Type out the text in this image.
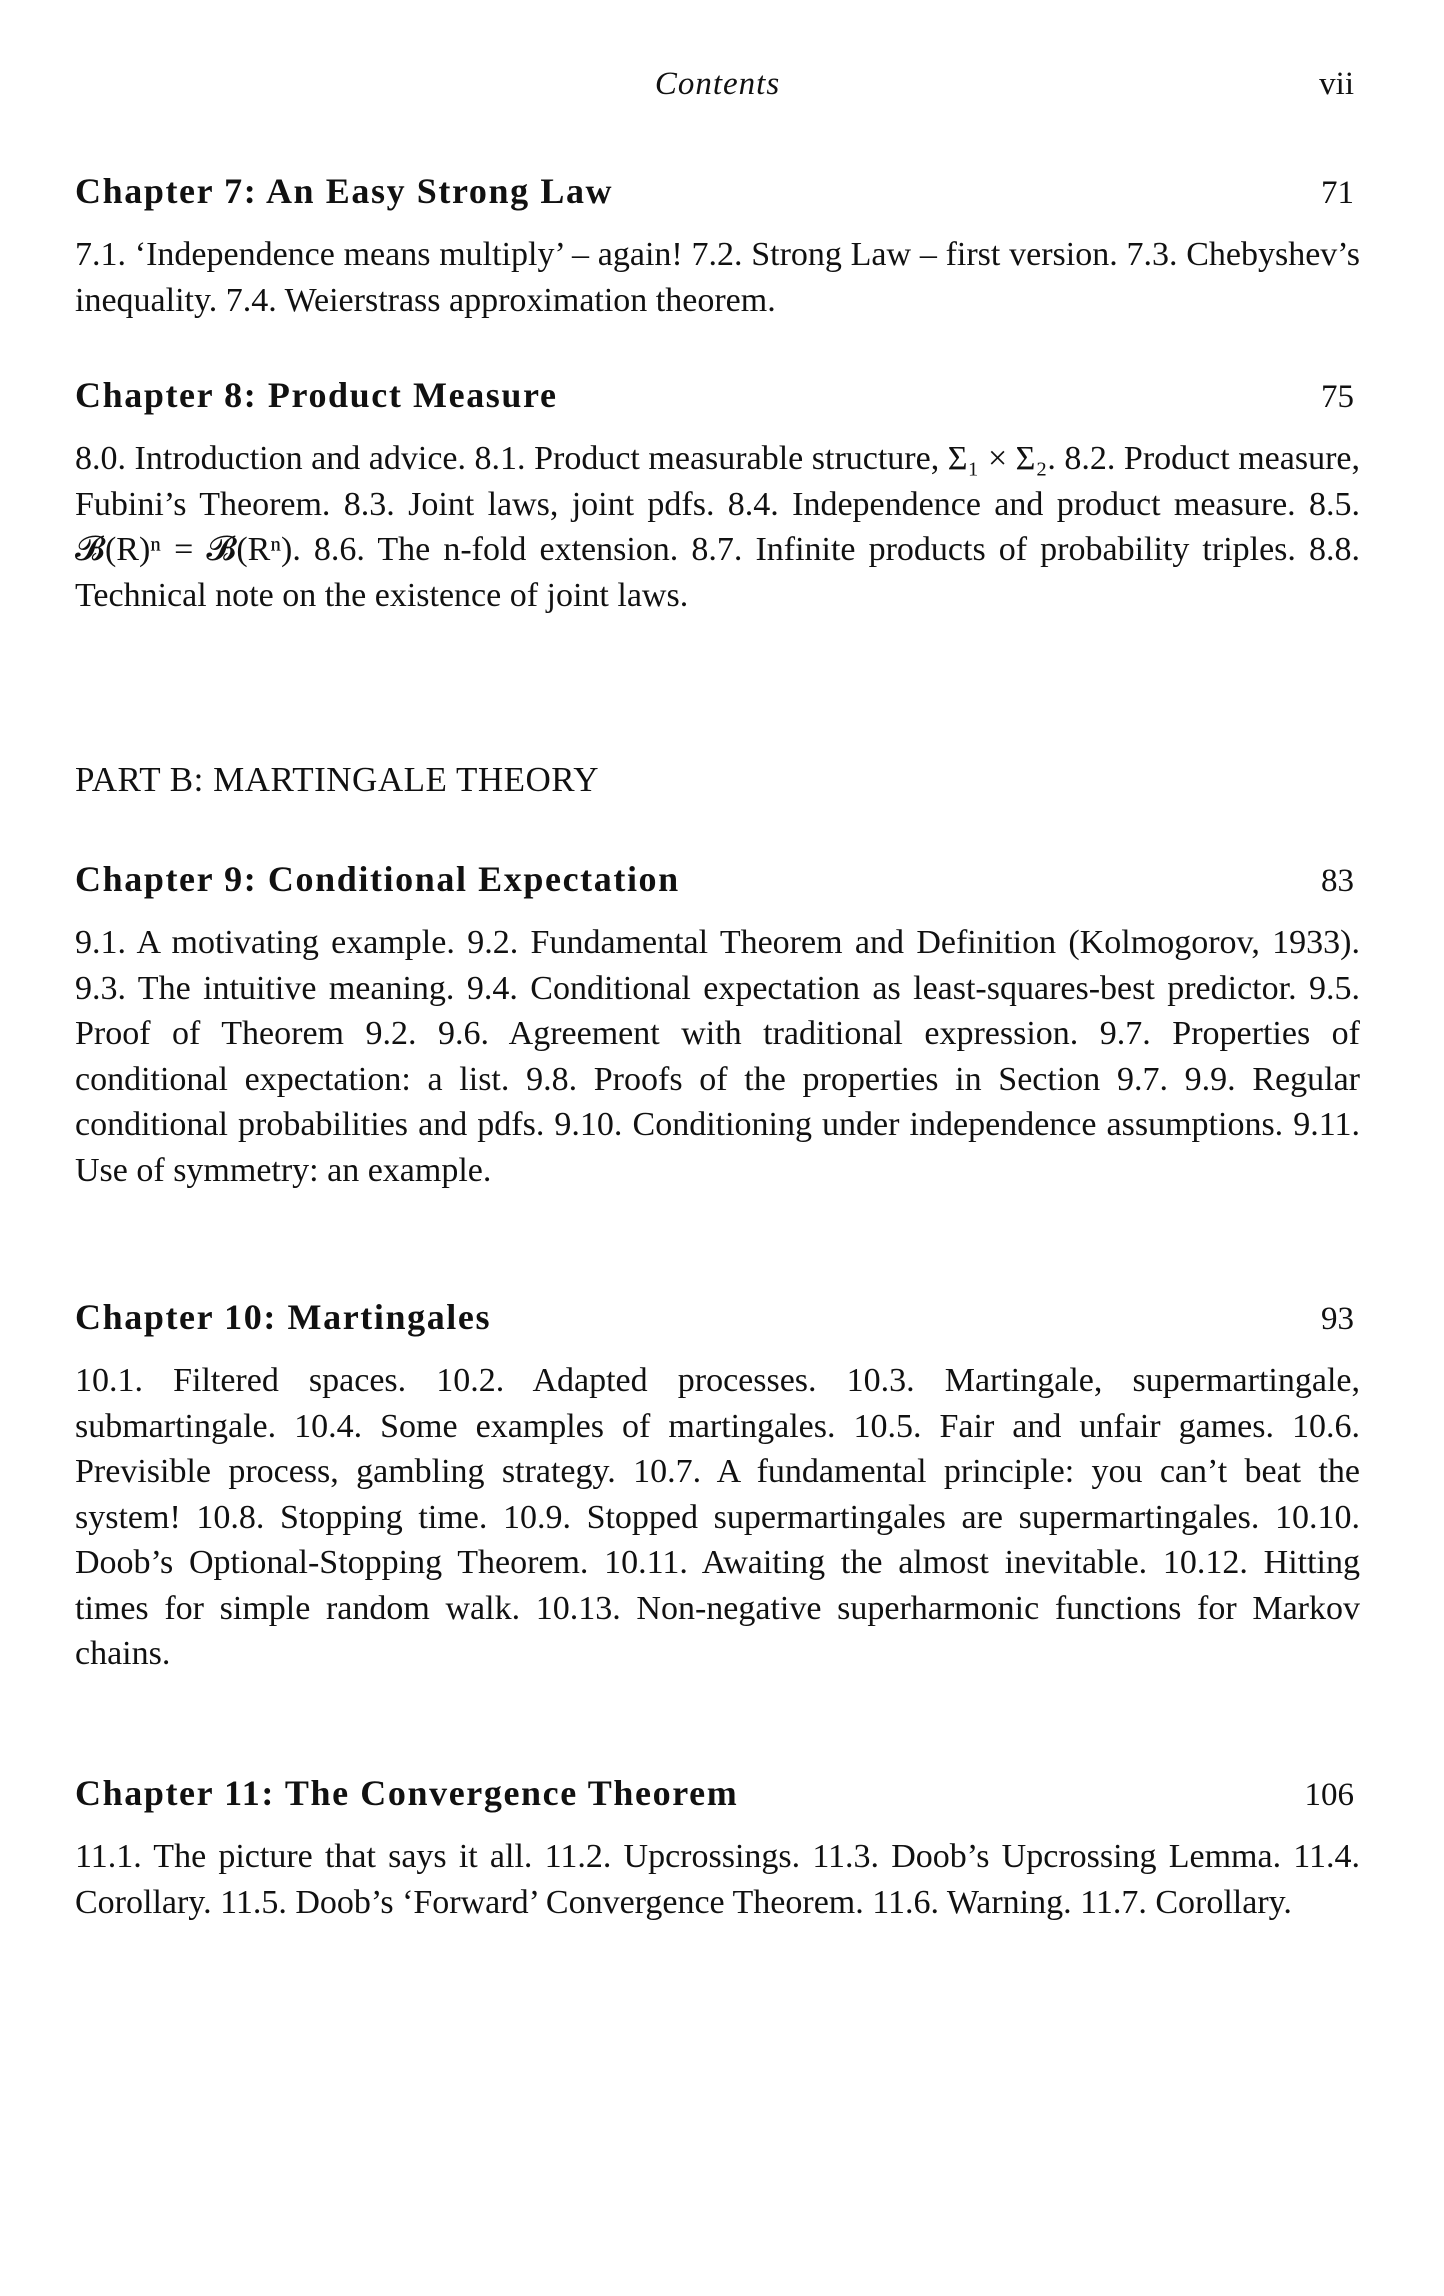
Contents	vii
Chapter 7: An Easy Strong Law	71
7.1. ‘Independence means multiply’ – again! 7.2. Strong Law – first version. 7.3. Chebyshev’s inequality. 7.4. Weierstrass approximation theorem.
Chapter 8: Product Measure	75
8.0. Introduction and advice. 8.1. Product measurable structure, Σ₁ × Σ₂. 8.2. Product measure, Fubini’s Theorem. 8.3. Joint laws, joint pdfs. 8.4. Independence and product measure. 8.5. 𝓑(R)ⁿ = 𝓑(Rⁿ). 8.6. The n-fold extension. 8.7. Infinite products of probability triples. 8.8. Technical note on the existence of joint laws.
PART B: MARTINGALE THEORY
Chapter 9: Conditional Expectation	83
9.1. A motivating example. 9.2. Fundamental Theorem and Definition (Kolmogorov, 1933). 9.3. The intuitive meaning. 9.4. Conditional expectation as least-squares-best predictor. 9.5. Proof of Theorem 9.2. 9.6. Agreement with traditional expression. 9.7. Properties of conditional expectation: a list. 9.8. Proofs of the properties in Section 9.7. 9.9. Regular conditional probabilities and pdfs. 9.10. Conditioning under independence assumptions. 9.11. Use of symmetry: an example.
Chapter 10: Martingales	93
10.1. Filtered spaces. 10.2. Adapted processes. 10.3. Martingale, supermartingale, submartingale. 10.4. Some examples of martingales. 10.5. Fair and unfair games. 10.6. Previsible process, gambling strategy. 10.7. A fundamental principle: you can’t beat the system! 10.8. Stopping time. 10.9. Stopped supermartingales are supermartingales. 10.10. Doob’s Optional-Stopping Theorem. 10.11. Awaiting the almost inevitable. 10.12. Hitting times for simple random walk. 10.13. Non-negative superharmonic functions for Markov chains.
Chapter 11: The Convergence Theorem	106
11.1. The picture that says it all. 11.2. Upcrossings. 11.3. Doob’s Upcrossing Lemma. 11.4. Corollary. 11.5. Doob’s ‘Forward’ Convergence Theorem. 11.6. Warning. 11.7. Corollary.
